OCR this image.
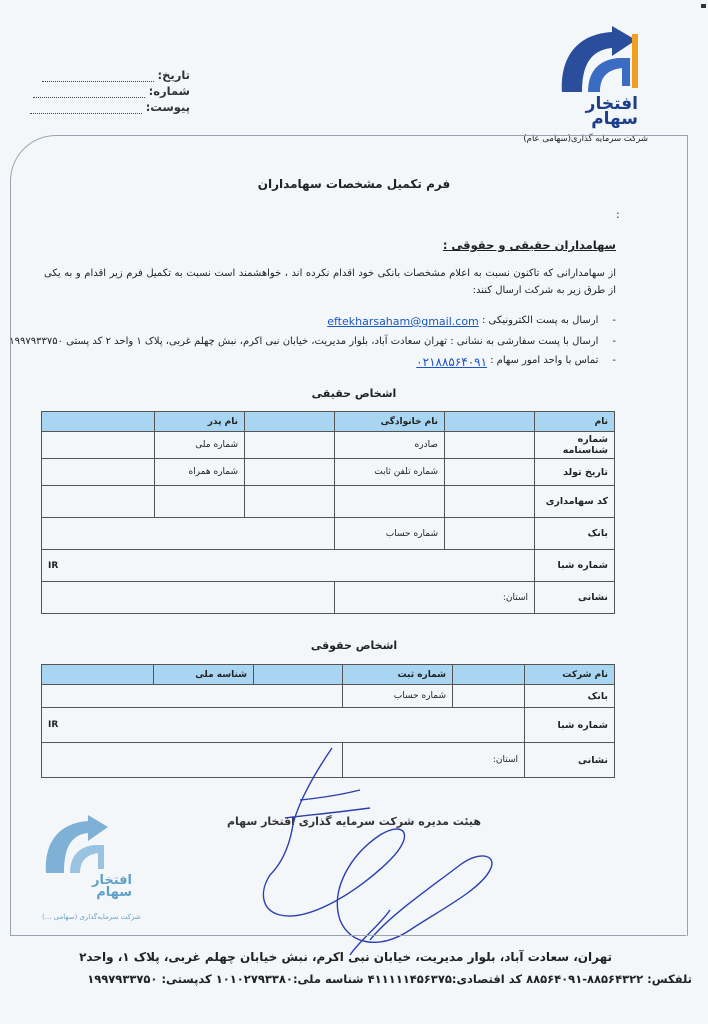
تاریخ:
شماره:
پیوست:	افتخار
سهام
شرکت سرمایه گذاری(سهامی عام)
فرم تکمیل مشخصات سهامداران
:
سهامداران حقیقی و حقوقی :
از سهامدارانی که تاکنون نسبت به اعلام مشخصات بانکی خود اقدام نکرده اند ، خواهشمند است نسبت به تکمیل فرم زیر اقدام و به یکی از طرق زیر به شرکت ارسال کنند:
-
ارسال به پست الکترونیکی :

eftekharsaham@gmail.com
-
ارسال با پست سفارشی به نشانی : تهران سعادت آباد، بلوار مدیریت، خیابان نبی اکرم، نبش چهلم غربی، پلاک ۱ واحد ۲ کد پستی ۱۹۹۷۹۳۳۷۵۰
-
تماس با واحد امور سهام :
۰۲۱۸۸۵۶۴۰۹۱
اشخاص حقیقی
نام		نام خانوادگی		نام پدر	
شماره شناسنامه		صادره		شماره ملی	
تاریخ تولد		شماره تلفن ثابت		شماره همراه	
کد سهامداری					
بانک		شماره حساب			
شماره شبا	IR				
نشانی	استان:				
اشخاص حقوقی
نام شرکت		شماره ثبت		شناسه ملی	
بانک		شماره حساب			
شماره شبا	IR				
نشانی	استان:				
هیئت مدیره شرکت سرمایه گذاری افتخار سهام
افتخار
سهام
شرکت سرمایه‌گذاری (سهامی ...)
تهران، سعادت آباد، بلوار مدیریت، خیابان نبی اکرم، نبش خیابان چهلم غربی، پلاک ۱، واحد۲
تلفکس: ۸۸۵۶۴۳۲۲-۸۸۵۶۴۰۹۱ کد اقتصادی:۴۱۱۱۱۱۴۵۶۳۷۵ شناسه ملی:۱۰۱۰۲۷۹۳۳۸۰ کدپستی: ۱۹۹۷۹۳۳۷۵۰
